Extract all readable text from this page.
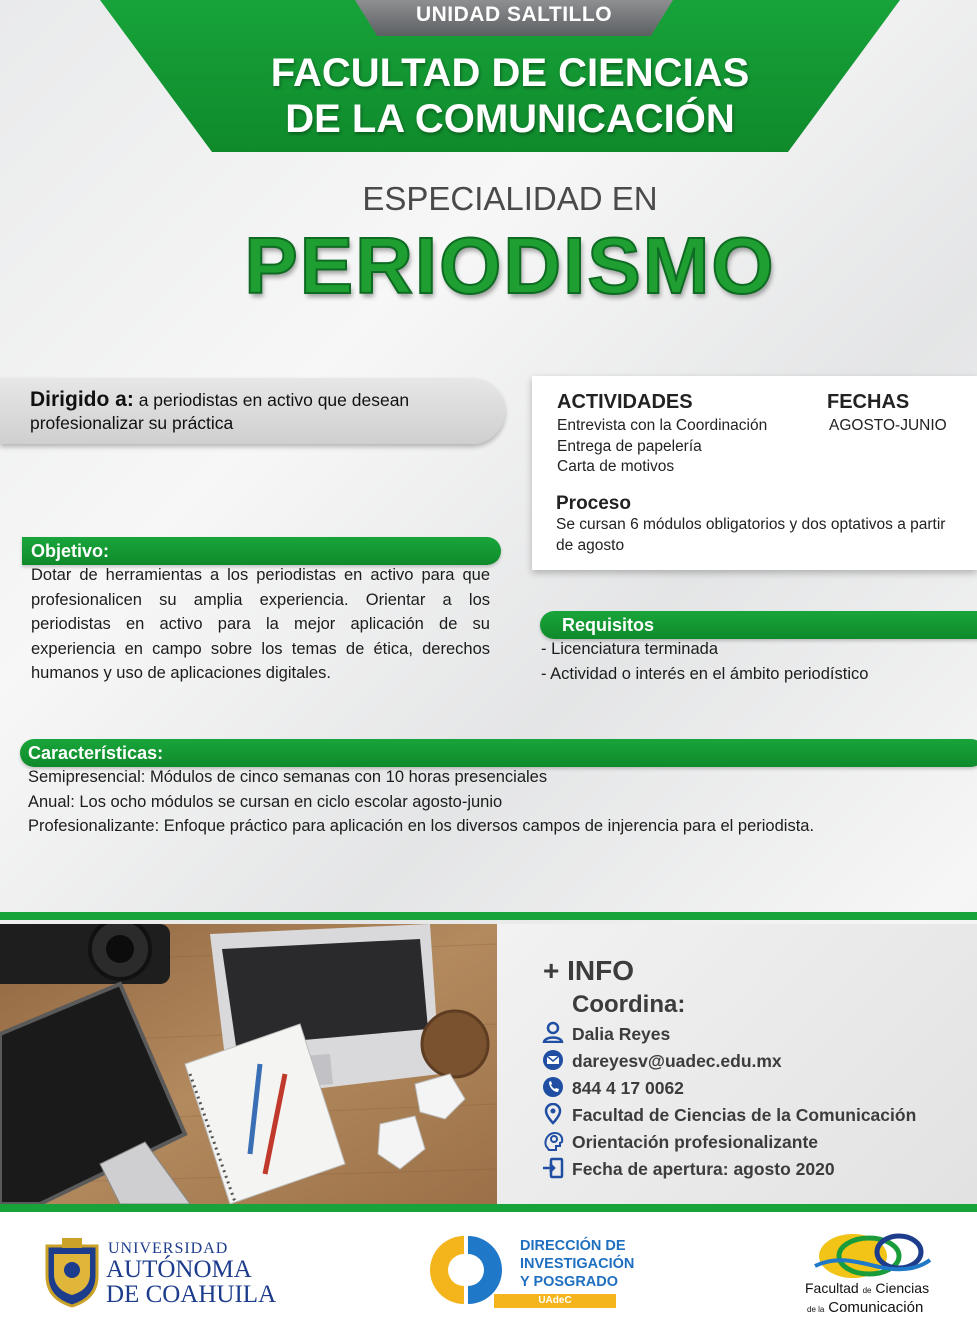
UNIDAD SALTILLO
FACULTAD DE CIENCIAS
DE LA COMUNICACIÓN
ESPECIALIDAD EN
PERIODISMO
Dirigido a: a periodistas en activo que desean profesionalizar su práctica
ACTIVIDADES	FECHAS
Entrevista con la Coordinación
Entrega de papelería
Carta de motivos
AGOSTO-JUNIO
Proceso
Se cursan 6 módulos obligatorios y dos optativos a partir de agosto
Objetivo:
Dotar de herramientas a los periodistas en activo para que profesionalicen su amplia experiencia. Orientar a los periodistas en activo para la mejor aplicación de su experiencia en campo sobre los temas de ética, derechos humanos y uso de aplicaciones digitales.
Requisitos
- Licenciatura terminada
- Actividad o interés en el ámbito periodístico
Características:
Semipresencial: Módulos de cinco semanas con 10 horas presenciales
Anual: Los ocho módulos se cursan en ciclo escolar agosto-junio
Profesionalizante: Enfoque práctico para aplicación en los diversos campos de injerencia para el periodista.
+ INFO
Coordina:
Dalia Reyes
dareyesv@uadec.edu.mx
844 4 17 0062
Facultad de Ciencias de la Comunicación
Orientación profesionalizante
Fecha de apertura: agosto 2020
UNIVERSIDAD
AUTÓNOMA
DE COAHUILA
DIRECCIÓN DE
INVESTIGACIÓN
Y POSGRADO
UAdeC
Facultad de Ciencias
de la Comunicación
